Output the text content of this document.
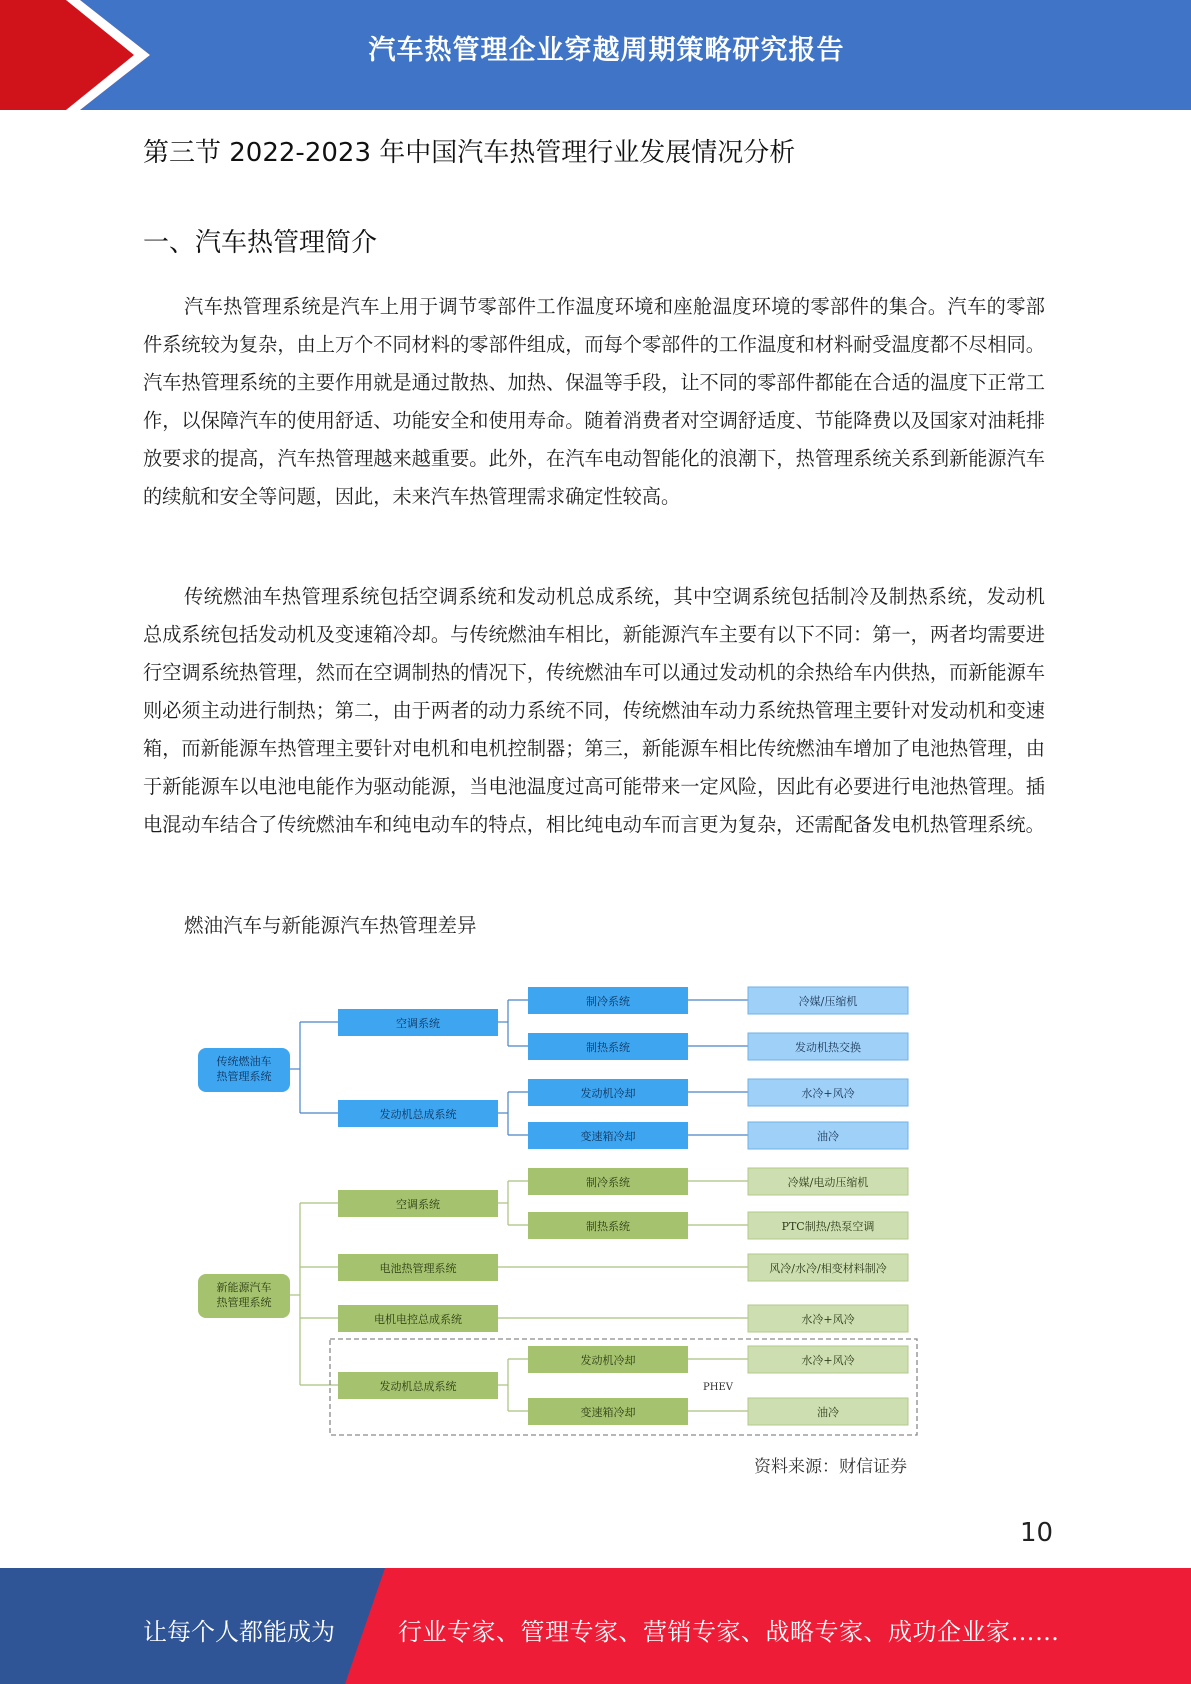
汽车热管理企业穿越周期策略研究报告
第三节 2022-2023 年中国汽车热管理行业发展情况分析
一、汽车热管理简介

汽车热管理系统是汽车上用于调节零部件工作温度环境和座舱温度环境的零部件的集合。汽车的零部件系统较为复杂，由上万个不同材料的零部件组成，而每个零部件的工作温度和材料耐受温度都不尽相同。汽车热管理系统的主要作用就是通过散热、加热、保温等手段，让不同的零部件都能在合适的温度下正常工作，以保障汽车的使用舒适、功能安全和使用寿命。随着消费者对空调舒适度、节能降费以及国家对油耗排放要求的提高，汽车热管理越来越重要。此外，在汽车电动智能化的浪潮下，热管理系统关系到新能源汽车的续航和安全等问题，因此，未来汽车热管理需求确定性较高。

传统燃油车热管理系统包括空调系统和发动机总成系统，其中空调系统包括制冷及制热系统，发动机总成系统包括发动机及变速箱冷却。与传统燃油车相比，新能源汽车主要有以下不同：第一，两者均需要进行空调系统热管理，然而在空调制热的情况下，传统燃油车可以通过发动机的余热给车内供热，而新能源车则必须主动进行制热；第二，由于两者的动力系统不同，传统燃油车动力系统热管理主要针对发动机和变速箱，而新能源车热管理主要针对电机和电机控制器；第三，新能源车相比传统燃油车增加了电池热管理，由于新能源车以电池电能作为驱动能源，当电池温度过高可能带来一定风险，因此有必要进行电池热管理。插电混动车结合了传统燃油车和纯电动车的特点，相比纯电动车而言更为复杂，还需配备发电机热管理系统。

燃油汽车与新能源汽车热管理差异
传统燃油车
热管理系统
空调系统
发动机总成系统
制冷系统
制热系统
发动机冷却
变速箱冷却
冷媒/压缩机
发动机热交换
水冷+风冷
油冷
新能源汽车
热管理系统
空调系统
电池热管理系统
电机电控总成系统
发动机总成系统
制冷系统
制热系统
发动机冷却
变速箱冷却
PHEV
冷媒/电动压缩机
PTC制热/热泵空调
风冷/水冷/相变材料制冷
水冷+风冷
水冷+风冷
油冷
资料来源：财信证券
10
让每个人都能成为	行业专家、管理专家、营销专家、战略专家、成功企业家……
